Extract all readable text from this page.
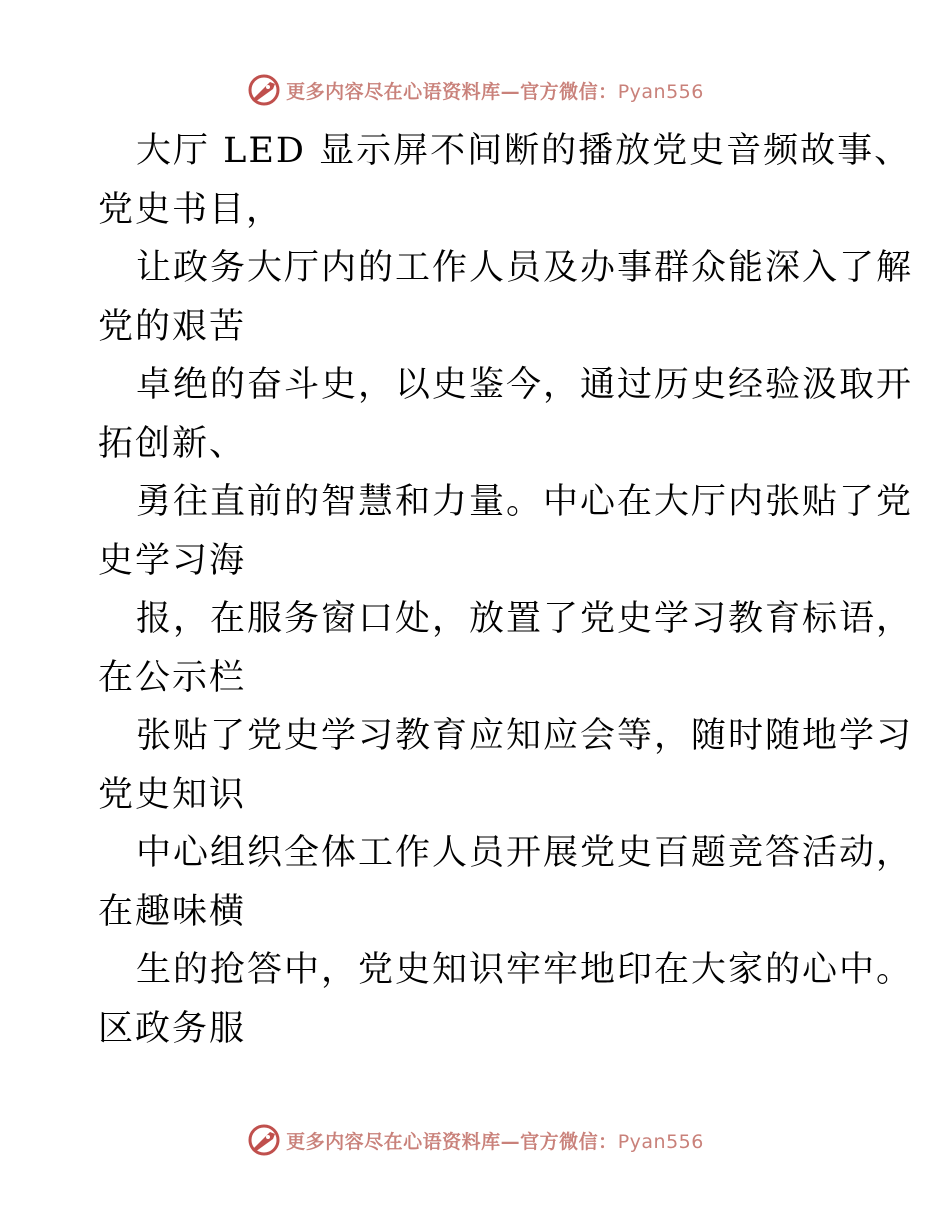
更多内容尽在心语资料库—官方微信：Pyan556
大厅 LED 显示屏不间断的播放党史音频故事、
党史书目，
让政务大厅内的工作人员及办事群众能深入了解
党的艰苦
卓绝的奋斗史，以史鉴今，通过历史经验汲取开
拓创新、
勇往直前的智慧和力量。中心在大厅内张贴了党
史学习海
报，在服务窗口处，放置了党史学习教育标语，
在公示栏
张贴了党史学习教育应知应会等，随时随地学习
党史知识
中心组织全体工作人员开展党史百题竞答活动，
在趣味横
生的抢答中，党史知识牢牢地印在大家的心中。
区政务服
更多内容尽在心语资料库—官方微信：Pyan556
